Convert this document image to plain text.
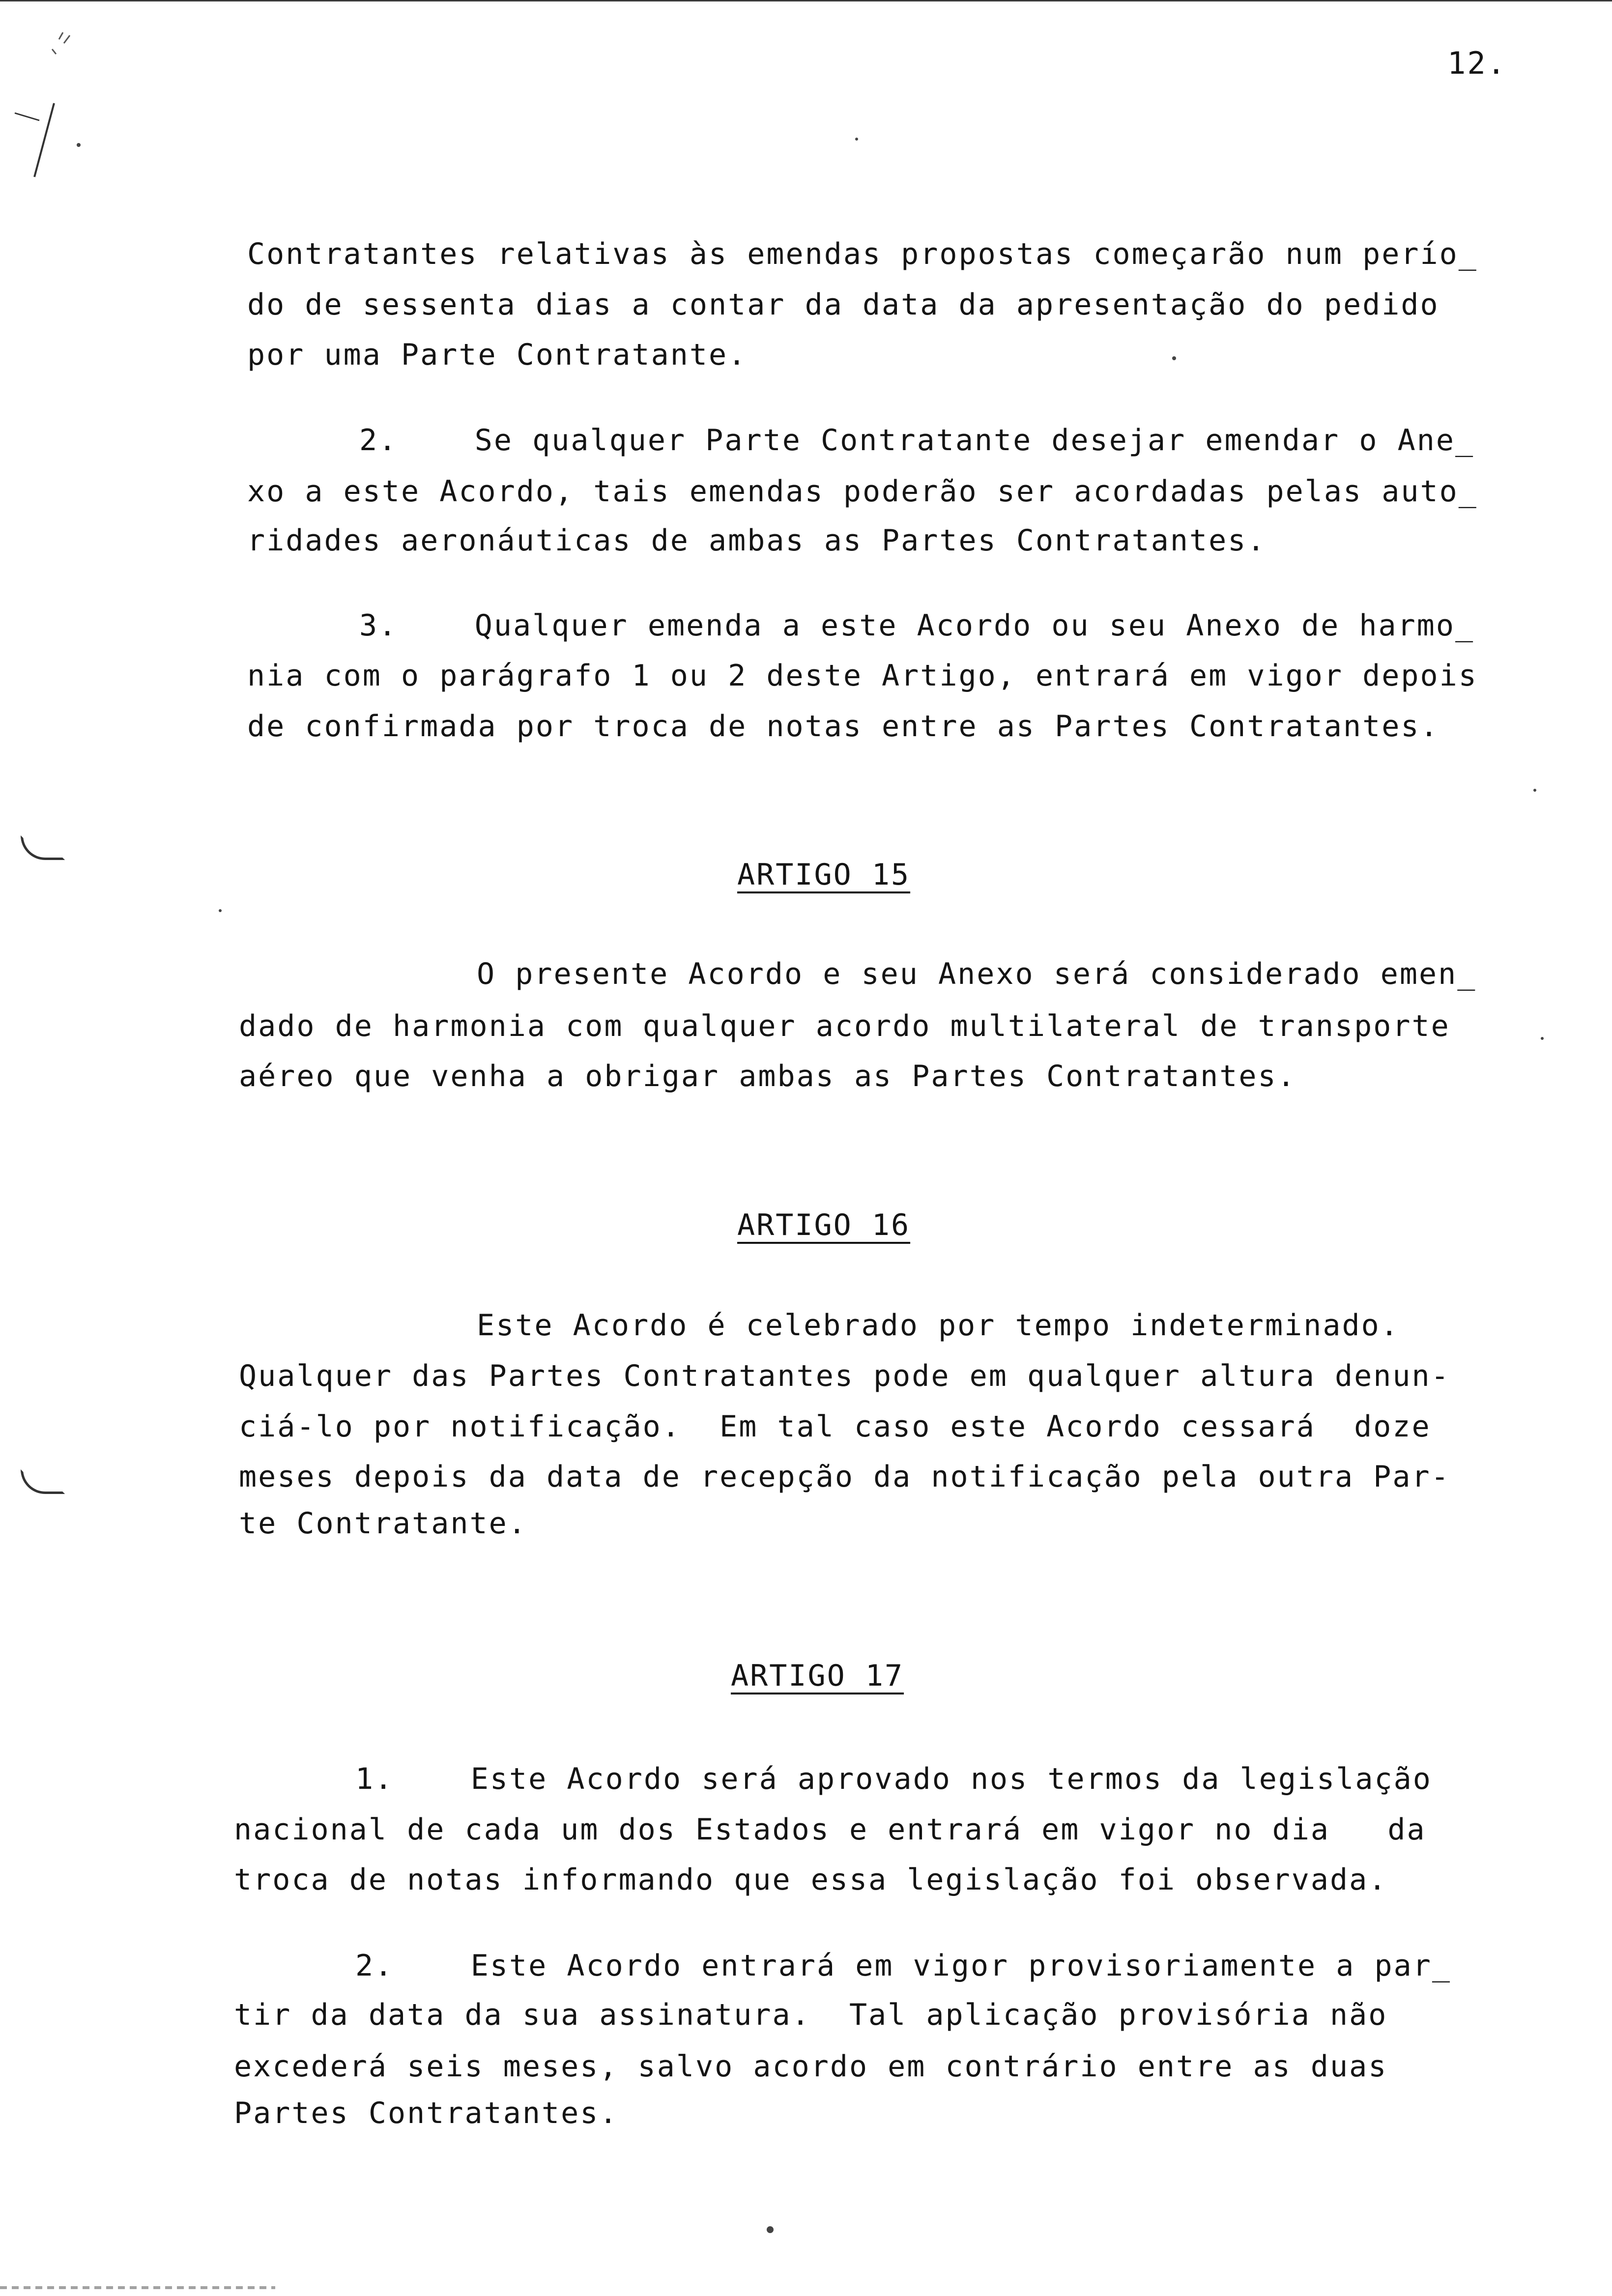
12.
Contratantes relativas às emendas propostas começarão num perío_
do de sessenta dias a contar da data da apresentação do pedido
por uma Parte Contratante.
2.    Se qualquer Parte Contratante desejar emendar o Ane_
xo a este Acordo, tais emendas poderão ser acordadas pelas auto_
ridades aeronáuticas de ambas as Partes Contratantes.
3.    Qualquer emenda a este Acordo ou seu Anexo de harmo_
nia com o parágrafo 1 ou 2 deste Artigo, entrará em vigor depois
de confirmada por troca de notas entre as Partes Contratantes.
ARTIGO 15
O presente Acordo e seu Anexo será considerado emen_
dado de harmonia com qualquer acordo multilateral de transporte
aéreo que venha a obrigar ambas as Partes Contratantes.
ARTIGO 16
Este Acordo é celebrado por tempo indeterminado.
Qualquer das Partes Contratantes pode em qualquer altura denun-
ciá-lo por notificação.  Em tal caso este Acordo cessará  doze
meses depois da data de recepção da notificação pela outra Par-
te Contratante.
ARTIGO 17
1.    Este Acordo será aprovado nos termos da legislação
nacional de cada um dos Estados e entrará em vigor no dia   da
troca de notas informando que essa legislação foi observada.
2.    Este Acordo entrará em vigor provisoriamente a par_
tir da data da sua assinatura.  Tal aplicação provisória não
excederá seis meses, salvo acordo em contrário entre as duas
Partes Contratantes.
